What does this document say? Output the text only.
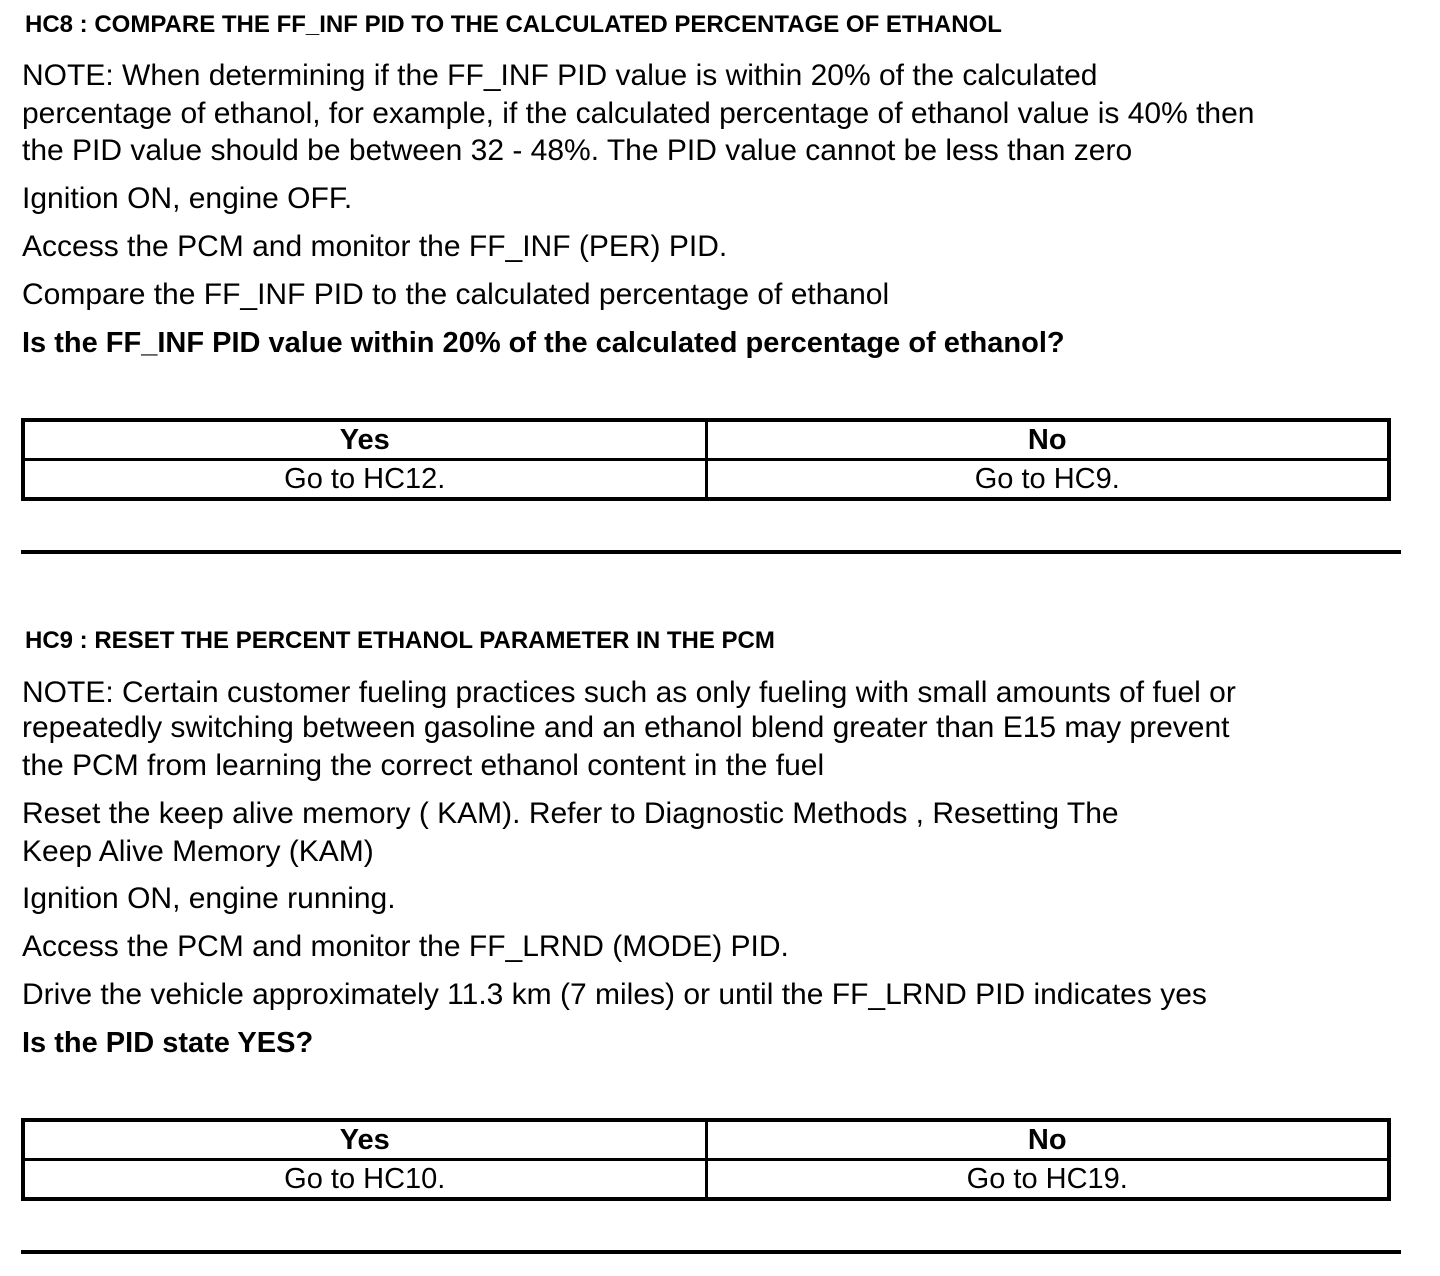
HC8 : COMPARE THE FF_INF PID TO THE CALCULATED PERCENTAGE OF ETHANOL
NOTE: When determining if the FF_INF PID value is within 20% of the calculated
percentage of ethanol, for example, if the calculated percentage of ethanol value is 40% then
the PID value should be between 32 - 48%. The PID value cannot be less than zero
Ignition ON, engine OFF.
Access the PCM and monitor the FF_INF (PER) PID.
Compare the FF_INF PID to the calculated percentage of ethanol
Is the FF_INF PID value within 20% of the calculated percentage of ethanol?
Yes	No
Go to HC12.	Go to HC9.
HC9 : RESET THE PERCENT ETHANOL PARAMETER IN THE PCM
NOTE: Certain customer fueling practices such as only fueling with small amounts of fuel or
repeatedly switching between gasoline and an ethanol blend greater than E15 may prevent
the PCM from learning the correct ethanol content in the fuel
Reset the keep alive memory ( KAM). Refer to Diagnostic Methods , Resetting The
Keep Alive Memory (KAM)
Ignition ON, engine running.
Access the PCM and monitor the FF_LRND (MODE) PID.
Drive the vehicle approximately 11.3 km (7 miles) or until the FF_LRND PID indicates yes
Is the PID state YES?
Yes	No
Go to HC10.	Go to HC19.
